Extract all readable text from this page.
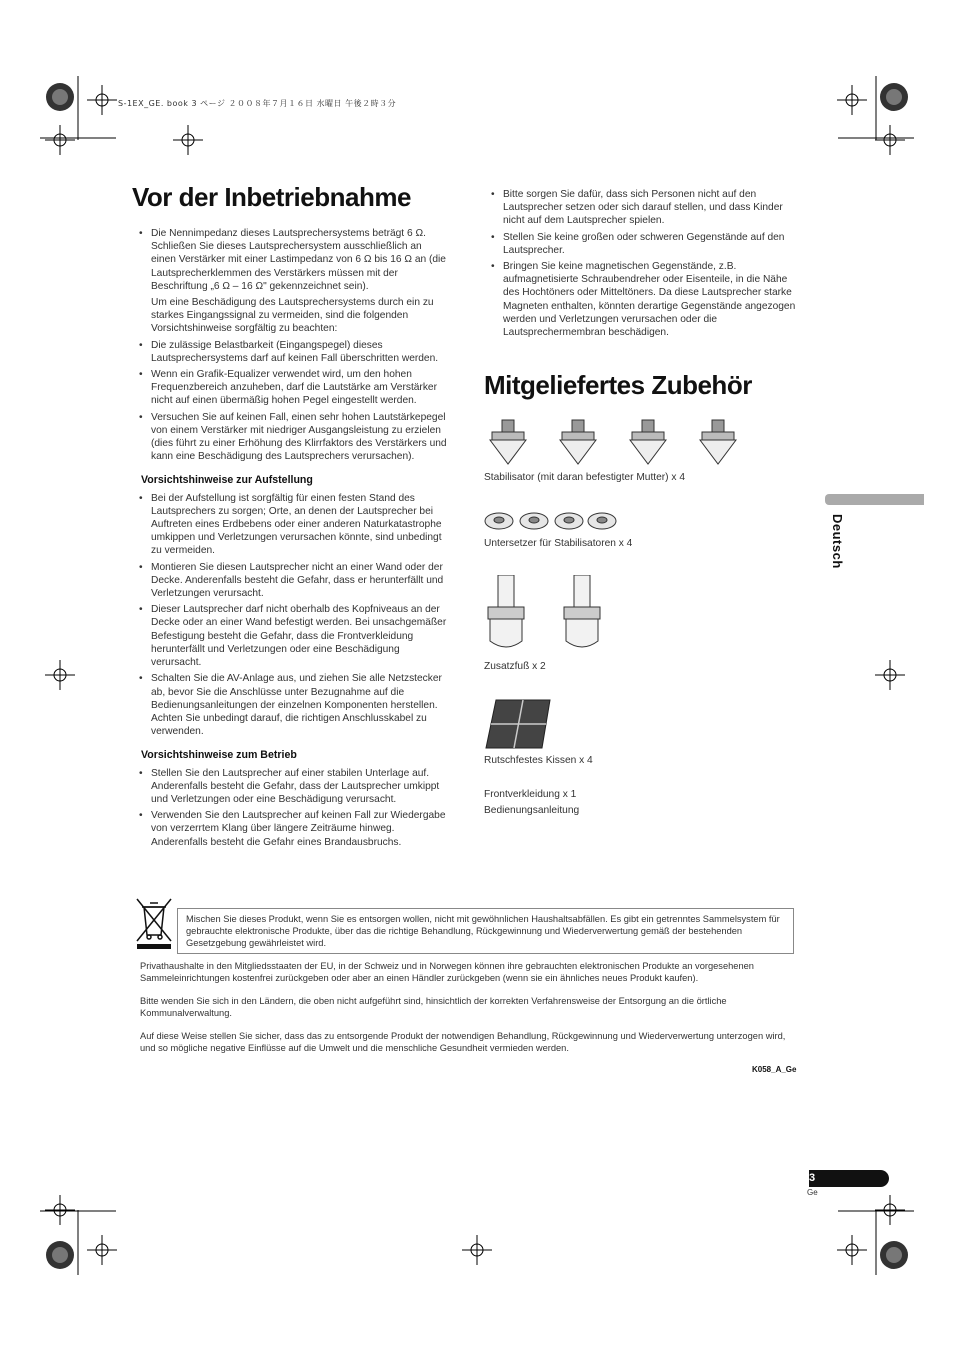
S-1EX_GE. book 3 ページ ２００８年７月１６日 水曜日 午後２時３分
Vor der Inbetriebnahme
• Die Nennimpedanz dieses Lautsprechersystems beträgt 6 Ω. Schließen Sie dieses Lautsprechersystem ausschließlich an einen Verstärker mit einer Lastimpedanz von 6 Ω bis 16 Ω an (die Lautsprecherklemmen des Verstärkers müssen mit der Beschriftung „6 Ω – 16 Ω" gekennzeichnet sein).

Um eine Beschädigung des Lautsprechersystems durch ein zu starkes Eingangssignal zu vermeiden, sind die folgenden Vorsichtshinweise sorgfältig zu beachten:

• Die zulässige Belastbarkeit (Eingangspegel) dieses Lautsprechersystems darf auf keinen Fall überschritten werden.
• Wenn ein Grafik-Equalizer verwendet wird, um den hohen Frequenzbereich anzuheben, darf die Lautstärke am Verstärker nicht auf einen übermäßig hohen Pegel eingestellt werden.
• Versuchen Sie auf keinen Fall, einen sehr hohen Lautstärkepegel von einem Verstärker mit niedriger Ausgangsleistung zu erzielen (dies führt zu einer Erhöhung des Klirrfaktors des Verstärkers und kann eine Beschädigung des Lautsprechers verursachen).
Vorsichtshinweise zur Aufstellung
• Bei der Aufstellung ist sorgfältig für einen festen Stand des Lautsprechers zu sorgen; Orte, an denen der Lautsprecher bei Auftreten eines Erdbebens oder einer anderen Naturkatastrophe umkippen und Verletzungen verursachen könnte, sind unbedingt zu vermeiden.
• Montieren Sie diesen Lautsprecher nicht an einer Wand oder der Decke. Anderenfalls besteht die Gefahr, dass er herunterfällt und Verletzungen verursacht.
• Dieser Lautsprecher darf nicht oberhalb des Kopfniveaus an der Decke oder an einer Wand befestigt werden. Bei unsachgemäßer Befestigung besteht die Gefahr, dass die Frontverkleidung herunterfällt und Verletzungen oder eine Beschädigung verursacht.
• Schalten Sie die AV-Anlage aus, und ziehen Sie alle Netzstecker ab, bevor Sie die Anschlüsse unter Bezugnahme auf die Bedienungsanleitungen der einzelnen Komponenten herstellen. Achten Sie unbedingt darauf, die richtigen Anschlusskabel zu verwenden.
Vorsichtshinweise zum Betrieb
• Stellen Sie den Lautsprecher auf einer stabilen Unterlage auf. Anderenfalls besteht die Gefahr, dass der Lautsprecher umkippt und Verletzungen oder eine Beschädigung verursacht.
• Verwenden Sie den Lautsprecher auf keinen Fall zur Wiedergabe von verzerrtem Klang über längere Zeiträume hinweg. Anderenfalls besteht die Gefahr eines Brandausbruchs.
• Bitte sorgen Sie dafür, dass sich Personen nicht auf den Lautsprecher setzen oder sich darauf stellen, und dass Kinder nicht auf dem Lautsprecher spielen.
• Stellen Sie keine großen oder schweren Gegenstände auf den Lautsprecher.
• Bringen Sie keine magnetischen Gegenstände, z.B. aufmagnetisierte Schraubendreher oder Eisenteile, in die Nähe des Hochtöners oder Mitteltöners. Da diese Lautsprecher starke Magneten enthalten, könnten derartige Gegenstände angezogen werden und Verletzungen verursachen oder die Lautsprechermembran beschädigen.
Mitgeliefertes Zubehör
Stabilisator (mit daran befestigter Mutter) x 4
Untersetzer für Stabilisatoren x 4
Zusatzfuß x 2
Rutschfestes Kissen x 4
Frontverkleidung x 1
Bedienungsanleitung
Deutsch
Mischen Sie dieses Produkt, wenn Sie es entsorgen wollen, nicht mit gewöhnlichen Haushaltsabfällen. Es gibt ein getrenntes Sammelsystem für gebrauchte elektronische Produkte, über das die richtige Behandlung, Rückgewinnung und Wiederverwertung gemäß der bestehenden Gesetzgebung gewährleistet wird.

Privathaushalte in den Mitgliedsstaaten der EU, in der Schweiz und in Norwegen können ihre gebrauchten elektronischen Produkte an vorgesehenen Sammeleinrichtungen kostenfrei zurückgeben oder aber an einen Händler zurückgeben (wenn sie ein ähnliches neues Produkt kaufen).

Bitte wenden Sie sich in den Ländern, die oben nicht aufgeführt sind, hinsichtlich der korrekten Verfahrensweise der Entsorgung an die örtliche Kommunalverwaltung.

Auf diese Weise stellen Sie sicher, dass das zu entsorgende Produkt der notwendigen Behandlung, Rückgewinnung und Wiederverwertung unterzogen wird, und so mögliche negative Einflüsse auf die Umwelt und die menschliche Gesundheit vermieden werden.

K058_A_Ge
3
Ge
